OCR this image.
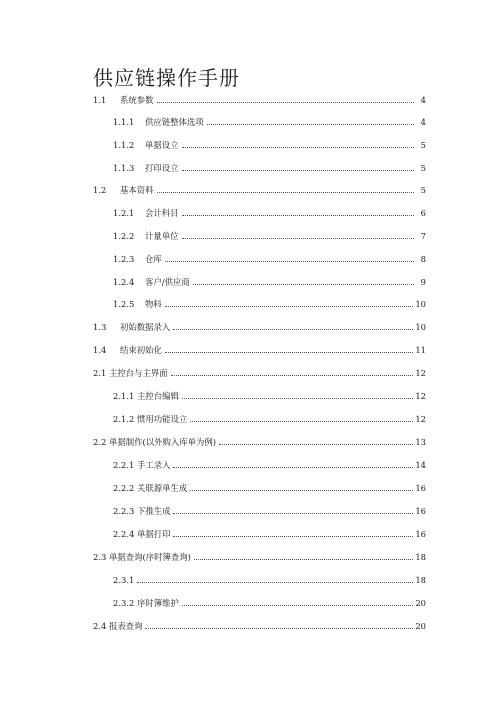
供应链操作手册
1.1 系统参数	4
1.1.1 供应链整体选项	4
1.1.2 单据设立	5
1.1.3 打印设立	5
1.2 基本资料	5
1.2.1 会计科目	6
1.2.2 计量单位	7
1.2.3 仓库	8
1.2.4 客户/供应商	9
1.2.5 物料	10
1.3 初始数据录入	10
1.4 结束初始化	11
2.1 主控台与主界面	12
2.1.1 主控台编辑	12
2.1.2 惯用功能设立	12
2.2 单据制作(以外购入库单为例)	13
2.2.1 手工录入	14
2.2.2 关联源单生成	16
2.2.3 下推生成	16
2.2.4 单据打印	16
2.3 单据查询(序时簿查询)	18
2.3.1	18
2.3.2 序时簿维护	20
2.4 报表查询	20
